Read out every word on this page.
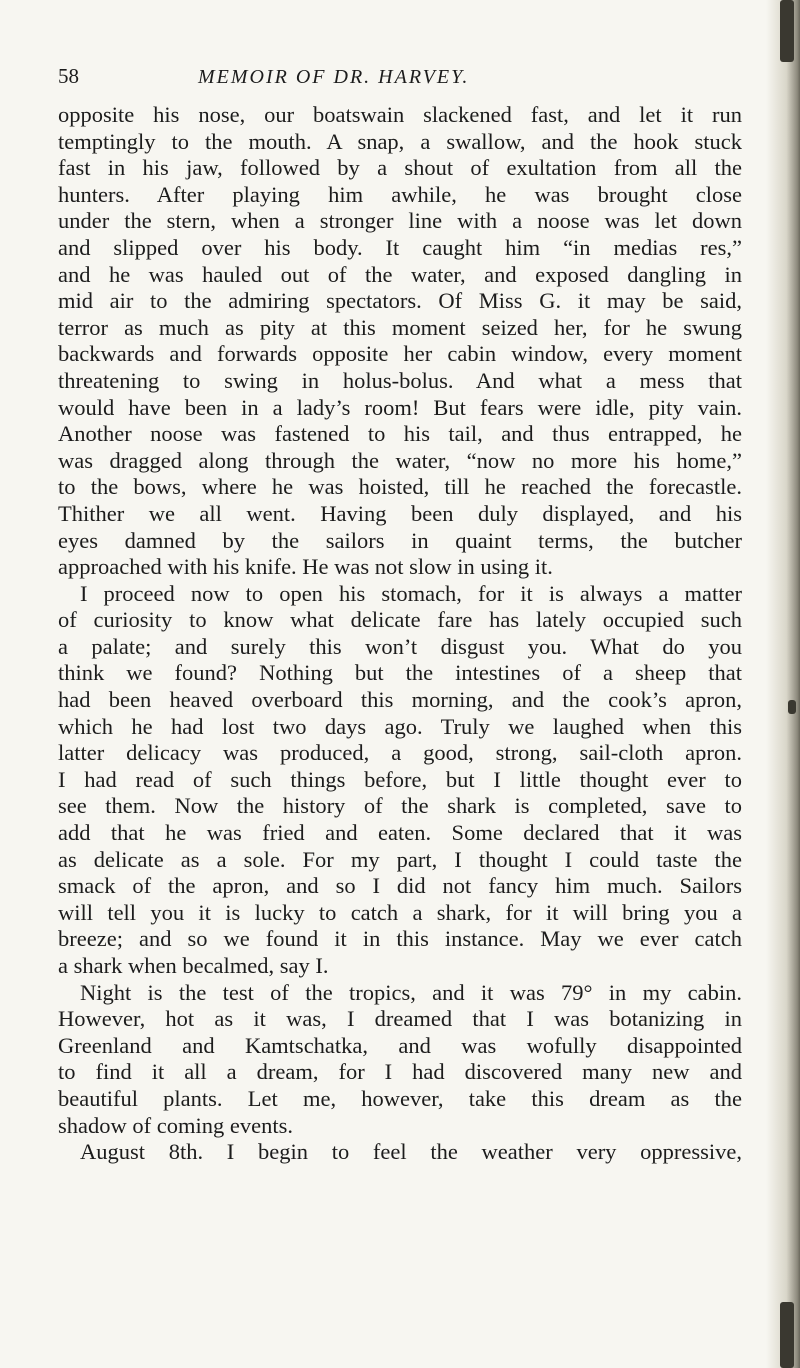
58	MEMOIR OF DR. HARVEY.
opposite his nose, our boatswain slackened fast, and let it run
temptingly to the mouth. A snap, a swallow, and the hook stuck
fast in his jaw, followed by a shout of exultation from all the
hunters. After playing him awhile, he was brought close
under the stern, when a stronger line with a noose was let down
and slipped over his body. It caught him “in medias res,”
and he was hauled out of the water, and exposed dangling in
mid air to the admiring spectators. Of Miss G. it may be said,
terror as much as pity at this moment seized her, for he swung
backwards and forwards opposite her cabin window, every moment
threatening to swing in holus-bolus. And what a mess that
would have been in a lady’s room! But fears were idle, pity vain.
Another noose was fastened to his tail, and thus entrapped, he
was dragged along through the water, “now no more his home,”
to the bows, where he was hoisted, till he reached the forecastle.
Thither we all went. Having been duly displayed, and his
eyes damned by the sailors in quaint terms, the butcher
approached with his knife. He was not slow in using it.
I proceed now to open his stomach, for it is always a matter
of curiosity to know what delicate fare has lately occupied such
a palate; and surely this won’t disgust you. What do you
think we found? Nothing but the intestines of a sheep that
had been heaved overboard this morning, and the cook’s apron,
which he had lost two days ago. Truly we laughed when this
latter delicacy was produced, a good, strong, sail-cloth apron.
I had read of such things before, but I little thought ever to
see them. Now the history of the shark is completed, save to
add that he was fried and eaten. Some declared that it was
as delicate as a sole. For my part, I thought I could taste the
smack of the apron, and so I did not fancy him much. Sailors
will tell you it is lucky to catch a shark, for it will bring you a
breeze; and so we found it in this instance. May we ever catch
a shark when becalmed, say I.
Night is the test of the tropics, and it was 79° in my cabin.
However, hot as it was, I dreamed that I was botanizing in
Greenland and Kamtschatka, and was wofully disappointed
to find it all a dream, for I had discovered many new and
beautiful plants. Let me, however, take this dream as the
shadow of coming events.
August 8th. I begin to feel the weather very oppressive,
